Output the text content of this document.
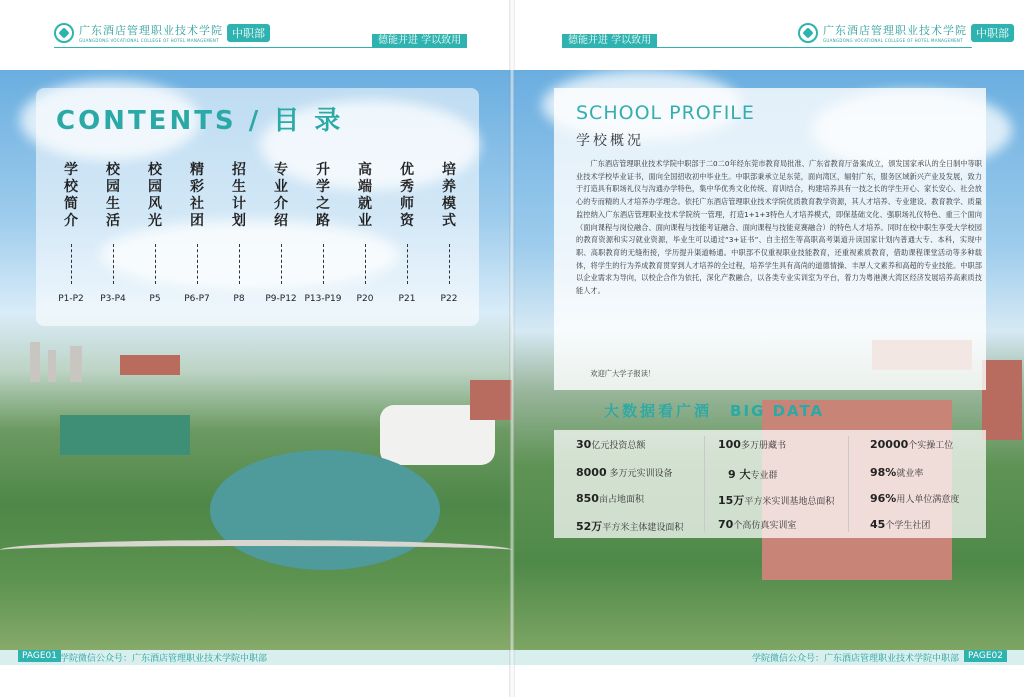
广东酒店管理职业技术学院
GUANGDONG VOCATIONAL COLLEGE OF HOTEL MANAGEMENT
中职部
德能并进 学以致用
CONTENTS / 目 录
学校简介
P1-P2
校园生活
P3-P4
校园风光
P5
精彩社团
P6-P7
招生计划
P8
专业介绍
P9-P12
升学之路
P13-P19
高端就业
P20
优秀师资
P21
培养模式
P22
PAGE01 学院微信公众号：广东酒店管理职业技术学院中职部
德能并进 学以致用
广东酒店管理职业技术学院
GUANGDONG VOCATIONAL COLLEGE OF HOTEL MANAGEMENT
中职部
SCHOOL PROFILE
学校概况

广东酒店管理职业技术学院中职部于二0二0年经东莞市教育局批准、广东省教育厅备案成立，颁发国家承认的全日制中等职业技术学校毕业证书，面向全国招收初中毕业生。中职部秉承立足东莞，面向湾区，辐射广东，服务区域新兴产业及发展，致力于打造具有职场礼仪与沟通办学特色，集中华优秀文化传统、育训结合，构建培养具有一技之长的学生开心、家长安心、社会放心的专而精的人才培养办学理念。依托广东酒店管理职业技术学院优质教育教学资源，其人才培养、专业建设、教育教学、质量监控纳入广东酒店管理职业技术学院统一管理，打造1+1+3特色人才培养模式，即保基础文化、强职场礼仪特色、重三个面向（面向课程与岗位融合、面向课程与技能考证融合、面向课程与技能竞赛融合）的特色人才培养。同时在校中职生享受大学校园的教育资源和实习就业资源，毕业生可以通过“3+证书”、自主招生等高职高考渠道升读国家计划内普通大专、本科，实现中职、高职教育的无缝衔接，学历提升渠道畅通。中职部不仅重视职业技能教育，还重视素质教育，借助课程课堂活动等多种载体，将学生的行为养成教育贯穿到人才培养的全过程，培养学生具有高尚的道德情操、丰厚人文素养和高超的专业技能。中职部以企业需求为导向，以校企合作为依托，深化产教融合，以各类专业实训室为平台，着力为粤港澳大湾区经济发展培养高素质技能人才。

欢迎广大学子报读！

大数据看广酒 BIG DATA
30亿元投资总额
8000 多万元实训设备
850亩占地面积
52万平方米主体建设面积
100多万册藏书
9 大专业群
15万平方米实训基地总面积
70个高仿真实训室
20000个实操工位
98%就业率
96%用人单位满意度
45个学生社团
学院微信公众号：广东酒店管理职业技术学院中职部 PAGE02
